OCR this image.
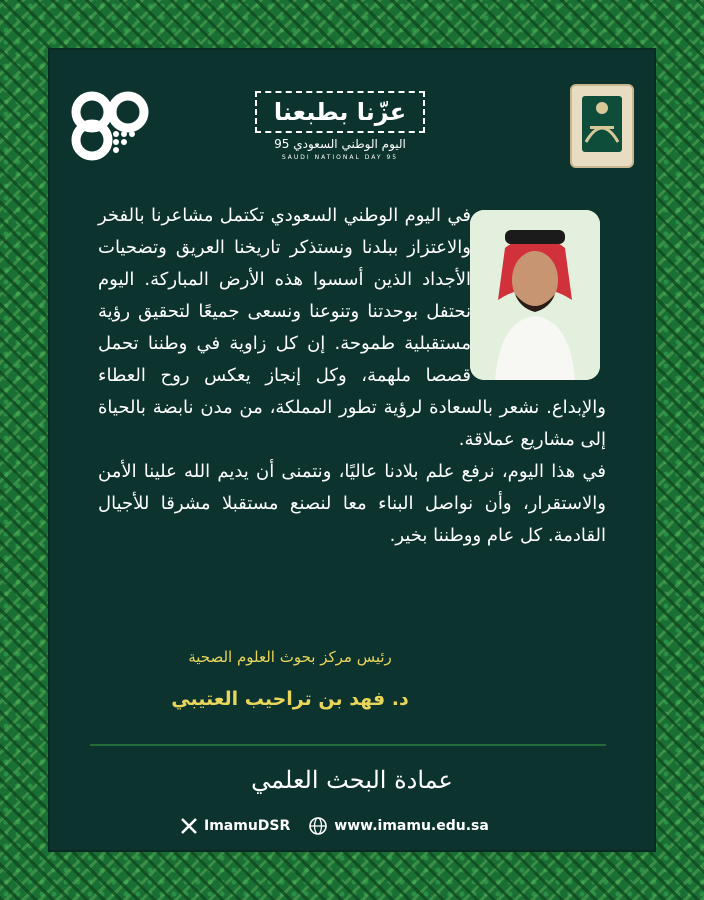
عزّنا بطبعنا
اليوم الوطني السعودي 95
SAUDI NATIONAL DAY 95

في اليوم الوطني السعودي تكتمل مشاعرنا بالفخر والاعتزاز ببلدنا ونستذكر تاريخنا العريق وتضحيات الأجداد الذين أسسوا هذه الأرض المباركة. اليوم نحتفل بوحدتنا وتنوعنا ونسعى جميعًا لتحقيق رؤية مستقبلية طموحة. إن كل زاوية في وطننا تحمل قصصا ملهمة، وكل إنجاز يعكس روح العطاء والإبداع. نشعر بالسعادة لرؤية تطور المملكة، من مدن نابضة بالحياة إلى مشاريع عملاقة.

في هذا اليوم، نرفع علم بلادنا عاليًا، ونتمنى أن يديم الله علينا الأمن والاستقرار، وأن نواصل البناء معا لنصنع مستقبلا مشرقا للأجيال القادمة. كل عام ووطننا بخير.

رئيس مركز بحوث العلوم الصحية
د. فهد بن تراحيب العتيبي
عمادة البحث العلمي
ImamuDSR	www.imamu.edu.sa
